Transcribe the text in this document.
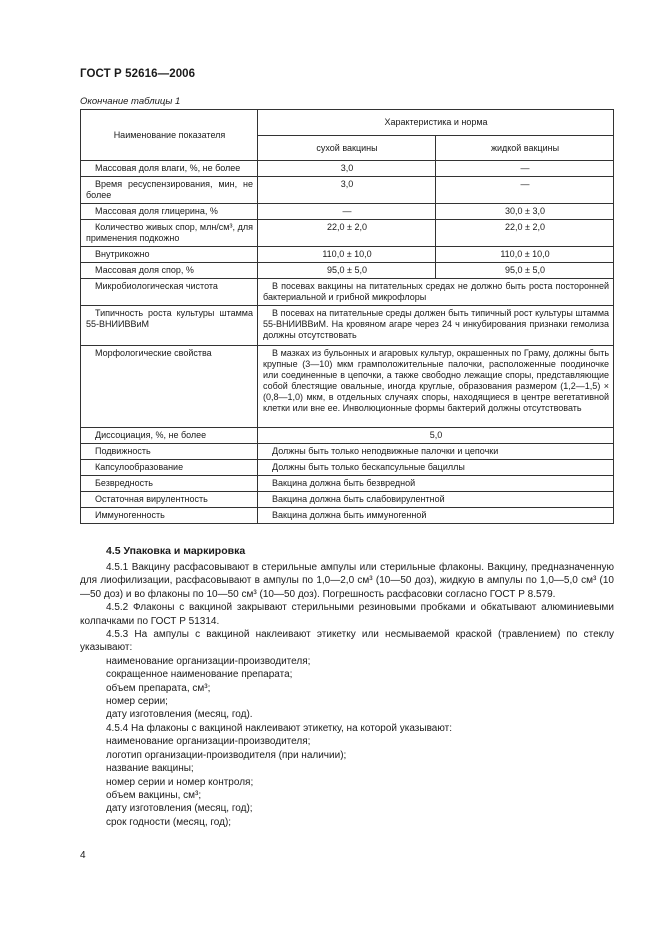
ГОСТ Р 52616—2006
Окончание таблицы 1
Наименование показателя	Характеристика и норма	
	сухой вакцины	жидкой вакцины
Массовая доля влаги, %, не более	3,0	—
Время ресуспензирования, мин, не более	3,0	—
Массовая доля глицерина, %	—	30,0 ± 3,0
Количество живых спор, млн/см³, для применения подкожно	22,0 ± 2,0	22,0 ± 2,0
Внутрикожно	110,0 ± 10,0	110,0 ± 10,0
Массовая доля спор, %	95,0 ± 5,0	95,0 ± 5,0
Микробиологическая чистота	В посевах вакцины на питательных средах не должно быть роста посторонней бактериальной и грибной микрофлоры	
Типичность роста культуры штамма 55-ВНИИВВиМ	В посевах на питательные среды должен быть типичный рост культуры штамма 55-ВНИИВВиМ. На кровяном агаре через 24 ч инкубирования признаки гемолиза должны отсутствовать	
Морфологические свойства	В мазках из бульонных и агаровых культур, окрашенных по Граму, должны быть крупные (3—10) мкм грамположительные палочки, расположенные поодиночке или соединенные в цепочки, а также свободно лежащие споры, представляющие собой блестящие овальные, иногда круглые, образования размером (1,2—1,5) × (0,8—1,0) мкм, в отдельных случаях споры, находящиеся в центре вегетативной клетки или вне ее. Инволюционные формы бактерий должны отсутствовать	
Диссоциация, %, не более	5,0	
Подвижность	Должны быть только неподвижные палочки и цепочки	
Капсулообразование	Должны быть только бескапсульные бациллы	
Безвредность	Вакцина должна быть безвредной	
Остаточная вирулентность	Вакцина должна быть слабовирулентной	
Иммуногенность	Вакцина должна быть иммуногенной	
4.5 Упаковка и маркировка

4.5.1 Вакцину расфасовывают в стерильные ампулы или стерильные флаконы. Вакцину, предназначенную для лиофилизации, расфасовывают в ампулы по 1,0—2,0 см³ (10—50 доз), жидкую в ампулы по 1,0—5,0 см³ (10—50 доз) и во флаконы по 10—50 см³ (10—50 доз). Погрешность расфасовки согласно ГОСТ Р 8.579.

4.5.2 Флаконы с вакциной закрывают стерильными резиновыми пробками и обкатывают алюминиевыми колпачками по ГОСТ Р 51314.

4.5.3 На ампулы с вакциной наклеивают этикетку или несмываемой краской (травлением) по стеклу указывают:

наименование организации-производителя;

сокращенное наименование препарата;

объем препарата, см³;

номер серии;

дату изготовления (месяц, год).

4.5.4 На флаконы с вакциной наклеивают этикетку, на которой указывают:

наименование организации-производителя;

логотип организации-производителя (при наличии);

название вакцины;

номер серии и номер контроля;

объем вакцины, см³;

дату изготовления (месяц, год);

срок годности (месяц, год);

4
